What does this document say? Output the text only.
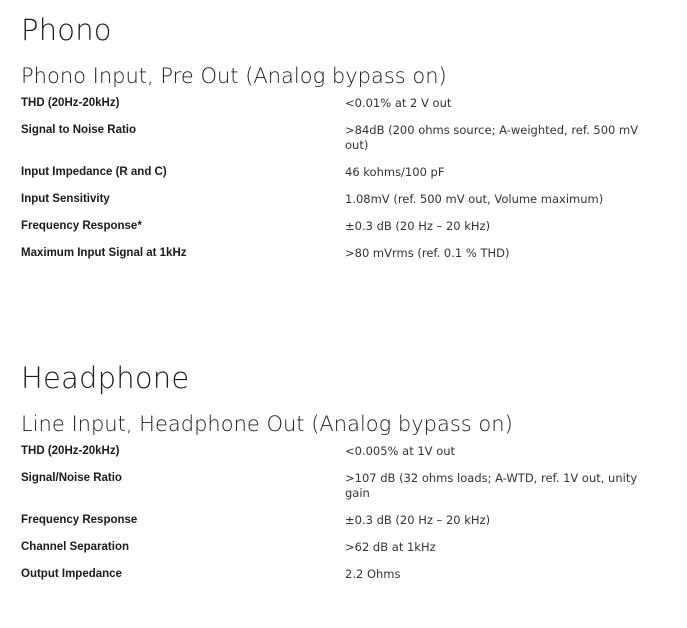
Phono
Phono Input, Pre Out (Analog bypass on)
THD (20Hz-20kHz)	<0.01% at 2 V out
Signal to Noise Ratio	>84dB (200 ohms source; A-weighted, ref. 500 mV out)
Input Impedance (R and C)	46 kohms/100 pF
Input Sensitivity	1.08mV (ref. 500 mV out, Volume maximum)
Frequency Response*	±0.3 dB (20 Hz – 20 kHz)
Maximum Input Signal at 1kHz	>80 mVrms (ref. 0.1 % THD)
Headphone
Line Input, Headphone Out (Analog bypass on)
THD (20Hz-20kHz)	<0.005% at 1V out
Signal/Noise Ratio	>107 dB (32 ohms loads; A-WTD, ref. 1V out, unity gain
Frequency Response	±0.3 dB (20 Hz – 20 kHz)
Channel Separation	>62 dB at 1kHz
Output Impedance	2.2 Ohms
